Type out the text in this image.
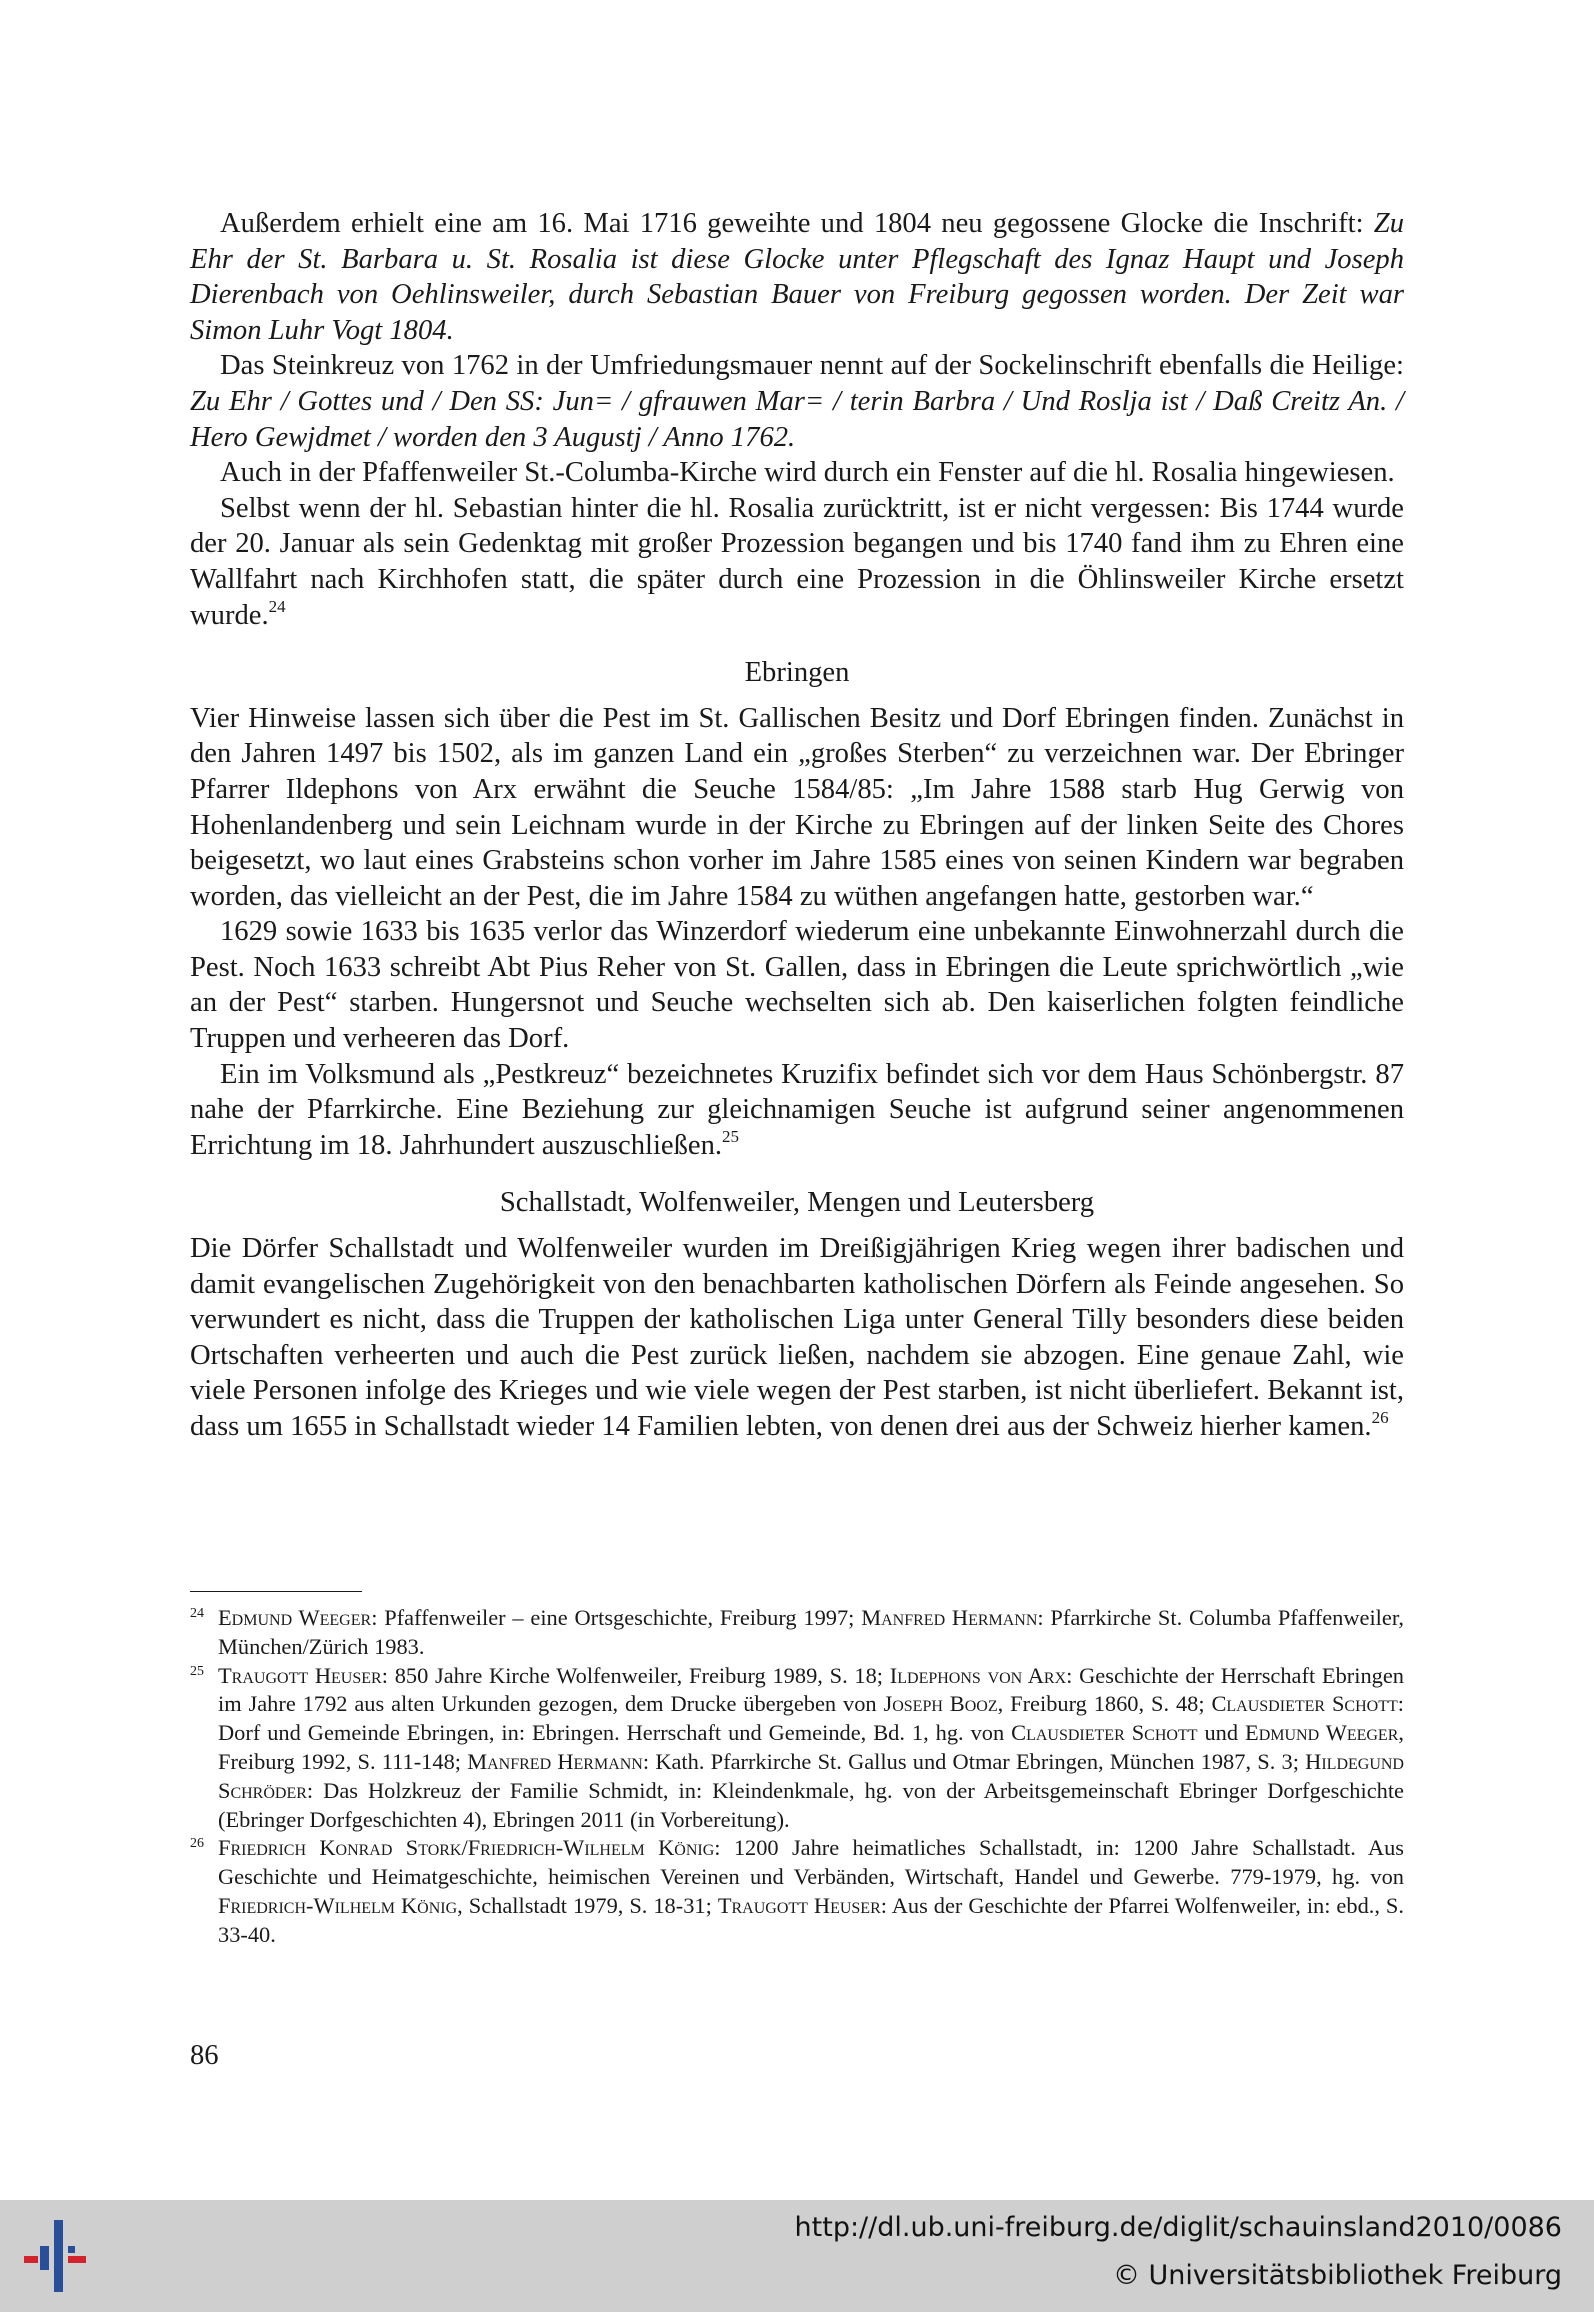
Außerdem erhielt eine am 16. Mai 1716 geweihte und 1804 neu gegossene Glocke die Inschrift: Zu Ehr der St. Barbara u. St. Rosalia ist diese Glocke unter Pflegschaft des Ignaz Haupt und Joseph Dierenbach von Oehlinsweiler, durch Sebastian Bauer von Freiburg gegossen worden. Der Zeit war Simon Luhr Vogt 1804.

Das Steinkreuz von 1762 in der Umfriedungsmauer nennt auf der Sockelinschrift ebenfalls die Heilige: Zu Ehr / Gottes und / Den SS: Jun= / gfrauwen Mar= / terin Barbra / Und Roslja ist / Daß Creitz An. / Hero Gewjdmet / worden den 3 Augustj / Anno 1762.

Auch in der Pfaffenweiler St.-Columba-Kirche wird durch ein Fenster auf die hl. Rosalia hingewiesen.

Selbst wenn der hl. Sebastian hinter die hl. Rosalia zurücktritt, ist er nicht vergessen: Bis 1744 wurde der 20. Januar als sein Gedenktag mit großer Prozession begangen und bis 1740 fand ihm zu Ehren eine Wallfahrt nach Kirchhofen statt, die später durch eine Prozession in die Öhlinsweiler Kirche ersetzt wurde.$^{24}$

Ebringen

Vier Hinweise lassen sich über die Pest im St. Gallischen Besitz und Dorf Ebringen finden. Zunächst in den Jahren 1497 bis 1502, als im ganzen Land ein „großes Sterben“ zu verzeichnen war. Der Ebringer Pfarrer Ildephons von Arx erwähnt die Seuche 1584/85: „Im Jahre 1588 starb Hug Gerwig von Hohenlandenberg und sein Leichnam wurde in der Kirche zu Ebringen auf der linken Seite des Chores beigesetzt, wo laut eines Grabsteins schon vorher im Jahre 1585 eines von seinen Kindern war begraben worden, das vielleicht an der Pest, die im Jahre 1584 zu wüthen angefangen hatte, gestorben war.“

1629 sowie 1633 bis 1635 verlor das Winzerdorf wiederum eine unbekannte Einwohnerzahl durch die Pest. Noch 1633 schreibt Abt Pius Reher von St. Gallen, dass in Ebringen die Leute sprichwörtlich „wie an der Pest“ starben. Hungersnot und Seuche wechselten sich ab. Den kaiserlichen folgten feindliche Truppen und verheeren das Dorf.

Ein im Volksmund als „Pestkreuz“ bezeichnetes Kruzifix befindet sich vor dem Haus Schönbergstr. 87 nahe der Pfarrkirche. Eine Beziehung zur gleichnamigen Seuche ist aufgrund seiner angenommenen Errichtung im 18. Jahrhundert auszuschließen.$^{25}$

Schallstadt, Wolfenweiler, Mengen und Leutersberg

Die Dörfer Schallstadt und Wolfenweiler wurden im Dreißigjährigen Krieg wegen ihrer badischen und damit evangelischen Zugehörigkeit von den benachbarten katholischen Dörfern als Feinde angesehen. So verwundert es nicht, dass die Truppen der katholischen Liga unter General Tilly besonders diese beiden Ortschaften verheerten und auch die Pest zurück ließen, nachdem sie abzogen. Eine genaue Zahl, wie viele Personen infolge des Krieges und wie viele wegen der Pest starben, ist nicht überliefert. Bekannt ist, dass um 1655 in Schallstadt wieder 14 Familien lebten, von denen drei aus der Schweiz hierher kamen.$^{26}$

24 Edmund Weeger: Pfaffenweiler – eine Ortsgeschichte, Freiburg 1997; Manfred Hermann: Pfarrkirche St. Columba Pfaffenweiler, München/Zürich 1983.
25 Traugott Heuser: 850 Jahre Kirche Wolfenweiler, Freiburg 1989, S. 18; Ildephons von Arx: Geschichte der Herrschaft Ebringen im Jahre 1792 aus alten Urkunden gezogen, dem Drucke übergeben von Joseph Booz, Freiburg 1860, S. 48; Clausdieter Schott: Dorf und Gemeinde Ebringen, in: Ebringen. Herrschaft und Gemeinde, Bd. 1, hg. von Clausdieter Schott und Edmund Weeger, Freiburg 1992, S. 111-148; Manfred Hermann: Kath. Pfarrkirche St. Gallus und Otmar Ebringen, München 1987, S. 3; Hildegund Schröder: Das Holzkreuz der Familie Schmidt, in: Kleindenkmale, hg. von der Arbeitsgemeinschaft Ebringer Dorfgeschichte (Ebringer Dorfgeschichten 4), Ebringen 2011 (in Vorbereitung).
26 Friedrich Konrad Stork/Friedrich-Wilhelm König: 1200 Jahre heimatliches Schallstadt, in: 1200 Jahre Schallstadt. Aus Geschichte und Heimatgeschichte, heimischen Vereinen und Verbänden, Wirtschaft, Handel und Gewerbe. 779-1979, hg. von Friedrich-Wilhelm König, Schallstadt 1979, S. 18-31; Traugott Heuser: Aus der Geschichte der Pfarrei Wolfenweiler, in: ebd., S. 33-40.
86
http://dl.ub.uni-freiburg.de/diglit/schauinsland2010/0086
© Universitätsbibliothek Freiburg
